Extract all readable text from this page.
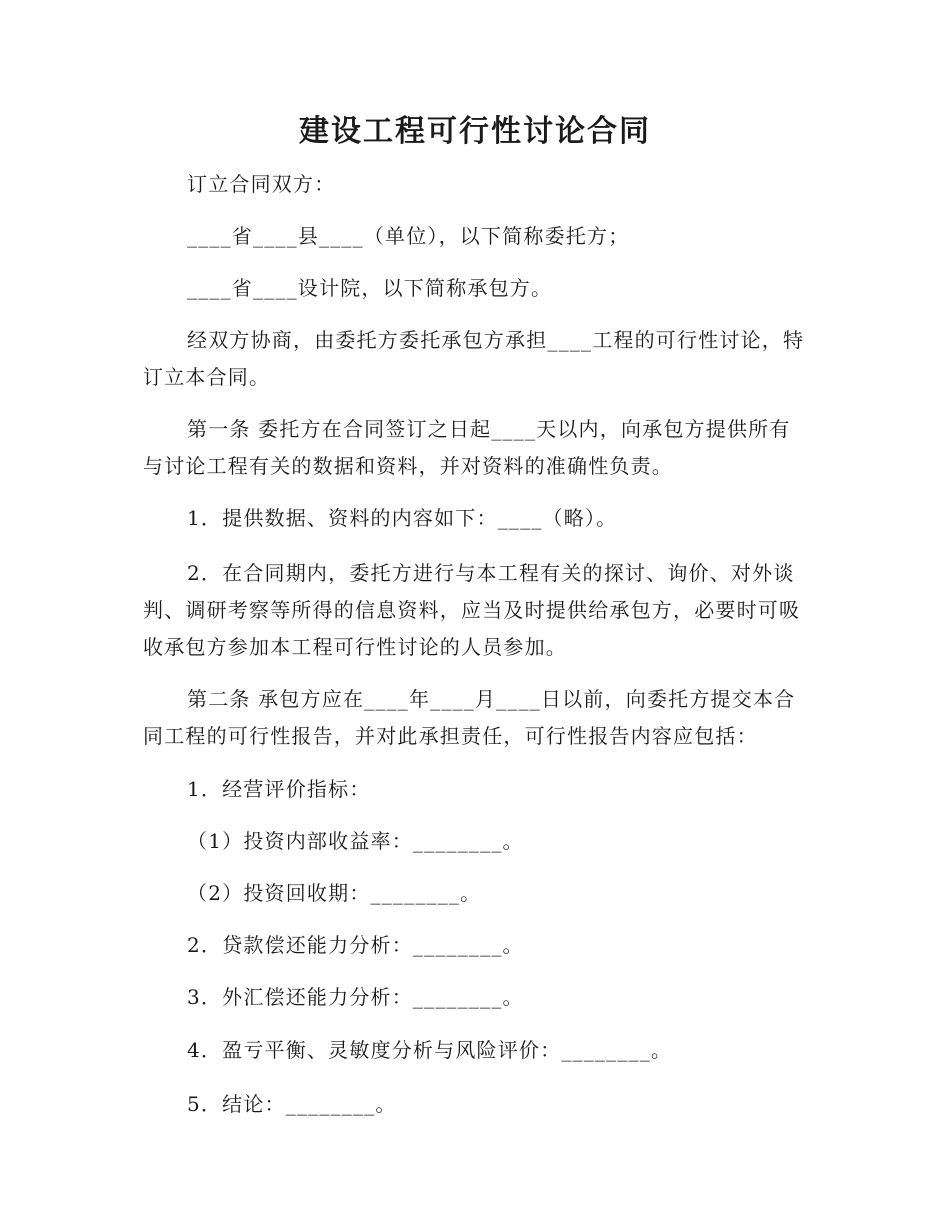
建设工程可行性讨论合同
订立合同双方：
____省____县____（单位），以下简称委托方；
____省____设计院，以下简称承包方。
经双方协商，由委托方委托承包方承担____工程的可行性讨论，特订立本合同。
第一条 委托方在合同签订之日起____天以内，向承包方提供所有与讨论工程有关的数据和资料，并对资料的准确性负责。
1．提供数据、资料的内容如下：____（略）。
2．在合同期内，委托方进行与本工程有关的探讨、询价、对外谈判、调研考察等所得的信息资料，应当及时提供给承包方，必要时可吸收承包方参加本工程可行性讨论的人员参加。
第二条 承包方应在____年____月____日以前，向委托方提交本合同工程的可行性报告，并对此承担责任，可行性报告内容应包括：
1．经营评价指标：
（1）投资内部收益率：________。
（2）投资回收期：________。
2．贷款偿还能力分析：________。
3．外汇偿还能力分析：________。
4．盈亏平衡、灵敏度分析与风险评价：________。
5．结论：________。
